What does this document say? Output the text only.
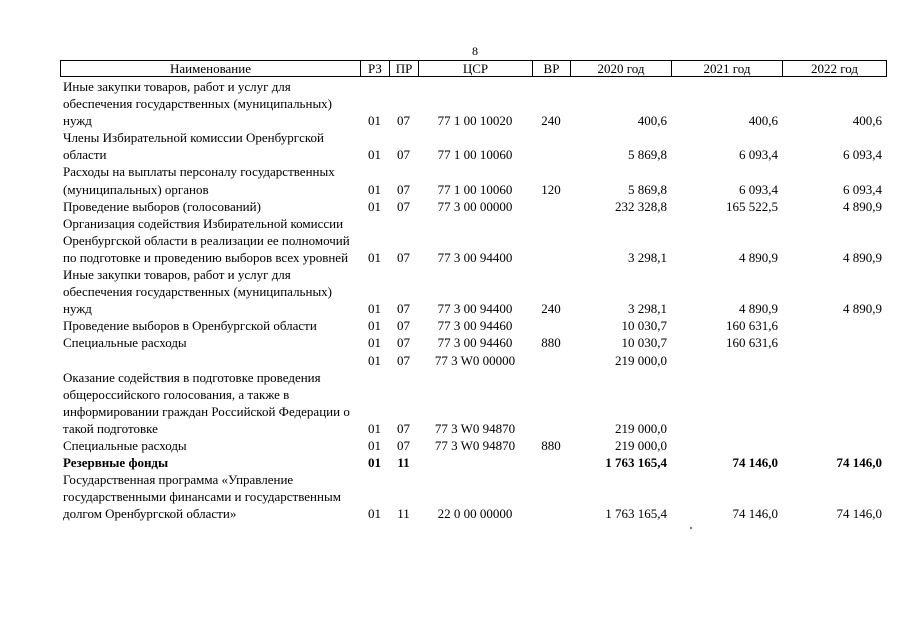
8
Наименование	РЗ	ПР	ЦСР	ВР	2020 год	2021 год	2022 год
Иные закупки товаров, работ и услуг для обеспечения государственных (муниципальных) нужд	01	07	77 1 00 10020	240	400,6	400,6	400,6
Члены Избирательной комиссии Оренбургской области	01	07	77 1 00 10060		5 869,8	6 093,4	6 093,4
Расходы на выплаты персоналу государственных (муниципальных) органов	01	07	77 1 00 10060	120	5 869,8	6 093,4	6 093,4
Проведение выборов (голосований)	01	07	77 3 00 00000		232 328,8	165 522,5	4 890,9
Организация содействия Избирательной комиссии Оренбургской области в реализации ее полномочий по подготовке и проведению выборов всех уровней	01	07	77 3 00 94400		3 298,1	4 890,9	4 890,9
Иные закупки товаров, работ и услуг для обеспечения государственных (муниципальных) нужд	01	07	77 3 00 94400	240	3 298,1	4 890,9	4 890,9
Проведение выборов в Оренбургской области	01	07	77 3 00 94460		10 030,7	160 631,6	
Специальные расходы	01	07	77 3 00 94460	880	10 030,7	160 631,6	
	01	07	77 3 W0 00000		219 000,0		
Оказание содействия в подготовке проведения общероссийского голосования, а также в информировании граждан Российской Федерации о такой подготовке	01	07	77 3 W0 94870		219 000,0		
Специальные расходы	01	07	77 3 W0 94870	880	219 000,0		
Резервные фонды	01	11			1 763 165,4	74 146,0	74 146,0
Государственная программа «Управление государственными финансами и государственным долгом Оренбургской области»	01	11	22 0 00 00000		1 763 165,4	74 146,0	74 146,0
